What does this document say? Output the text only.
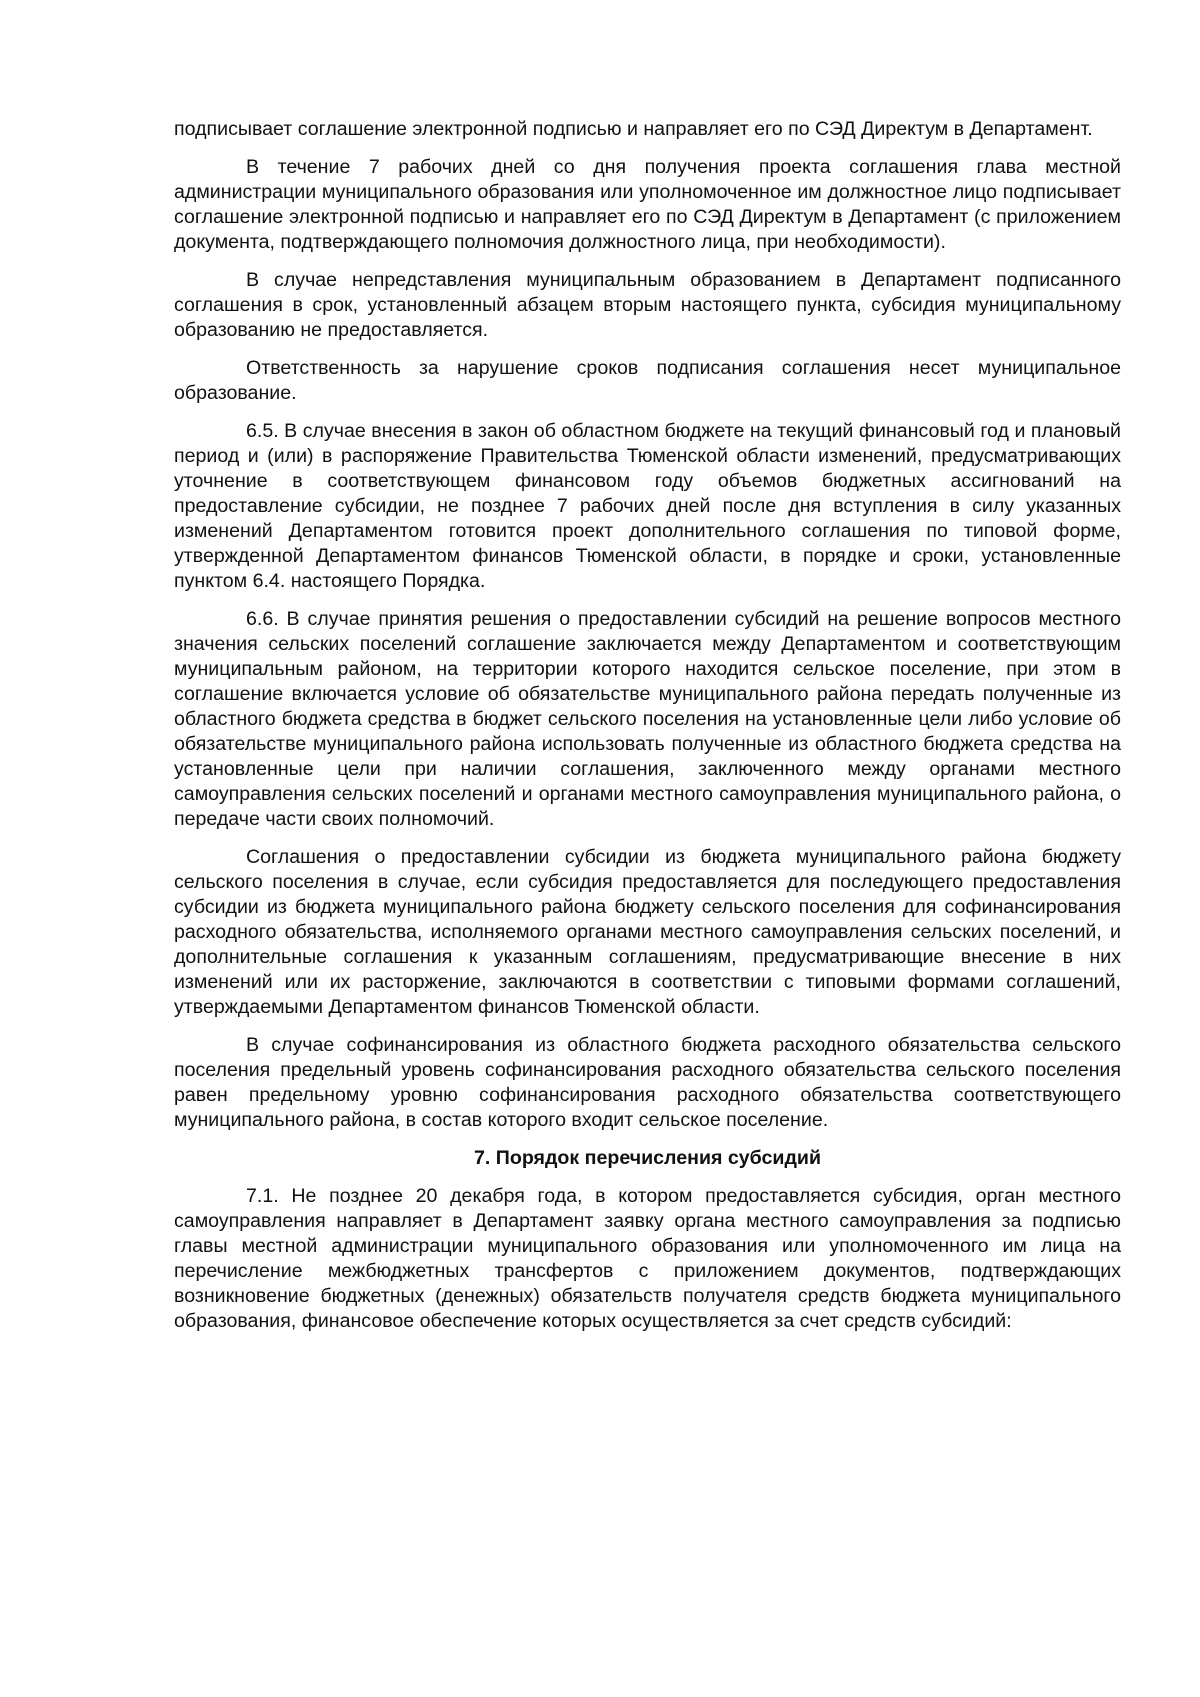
подписывает соглашение электронной подписью и направляет его по СЭД Директум в Департамент.

В течение 7 рабочих дней со дня получения проекта соглашения глава местной администрации муниципального образования или уполномоченное им должностное лицо подписывает соглашение электронной подписью и направляет его по СЭД Директум в Департамент (с приложением документа, подтверждающего полномочия должностного лица, при необходимости).

В случае непредставления муниципальным образованием в Департамент подписанного соглашения в срок, установленный абзацем вторым настоящего пункта, субсидия муниципальному образованию не предоставляется.

Ответственность за нарушение сроков подписания соглашения несет муниципальное образование.

6.5. В случае внесения в закон об областном бюджете на текущий финансовый год и плановый период и (или) в распоряжение Правительства Тюменской области изменений, предусматривающих уточнение в соответствующем финансовом году объемов бюджетных ассигнований на предоставление субсидии, не позднее 7 рабочих дней после дня вступления в силу указанных изменений Департаментом готовится проект дополнительного соглашения по типовой форме, утвержденной Департаментом финансов Тюменской области, в порядке и сроки, установленные пунктом 6.4. настоящего Порядка.

6.6. В случае принятия решения о предоставлении субсидий на решение вопросов местного значения сельских поселений соглашение заключается между Департаментом и соответствующим муниципальным районом, на территории которого находится сельское поселение, при этом в соглашение включается условие об обязательстве муниципального района передать полученные из областного бюджета средства в бюджет сельского поселения на установленные цели либо условие об обязательстве муниципального района использовать полученные из областного бюджета средства на установленные цели при наличии соглашения, заключенного между органами местного самоуправления сельских поселений и органами местного самоуправления муниципального района, о передаче части своих полномочий.

Соглашения о предоставлении субсидии из бюджета муниципального района бюджету сельского поселения в случае, если субсидия предоставляется для последующего предоставления субсидии из бюджета муниципального района бюджету сельского поселения для софинансирования расходного обязательства, исполняемого органами местного самоуправления сельских поселений, и дополнительные соглашения к указанным соглашениям, предусматривающие внесение в них изменений или их расторжение, заключаются в соответствии с типовыми формами соглашений, утверждаемыми Департаментом финансов Тюменской области.

В случае софинансирования из областного бюджета расходного обязательства сельского поселения предельный уровень софинансирования расходного обязательства сельского поселения равен предельному уровню софинансирования расходного обязательства соответствующего муниципального района, в состав которого входит сельское поселение.

7. Порядок перечисления субсидий

7.1. Не позднее 20 декабря года, в котором предоставляется субсидия, орган местного самоуправления направляет в Департамент заявку органа местного самоуправления за подписью главы местной администрации муниципального образования или уполномоченного им лица на перечисление межбюджетных трансфертов с приложением документов, подтверждающих возникновение бюджетных (денежных) обязательств получателя средств бюджета муниципального образования, финансовое обеспечение которых осуществляется за счет средств субсидий:
